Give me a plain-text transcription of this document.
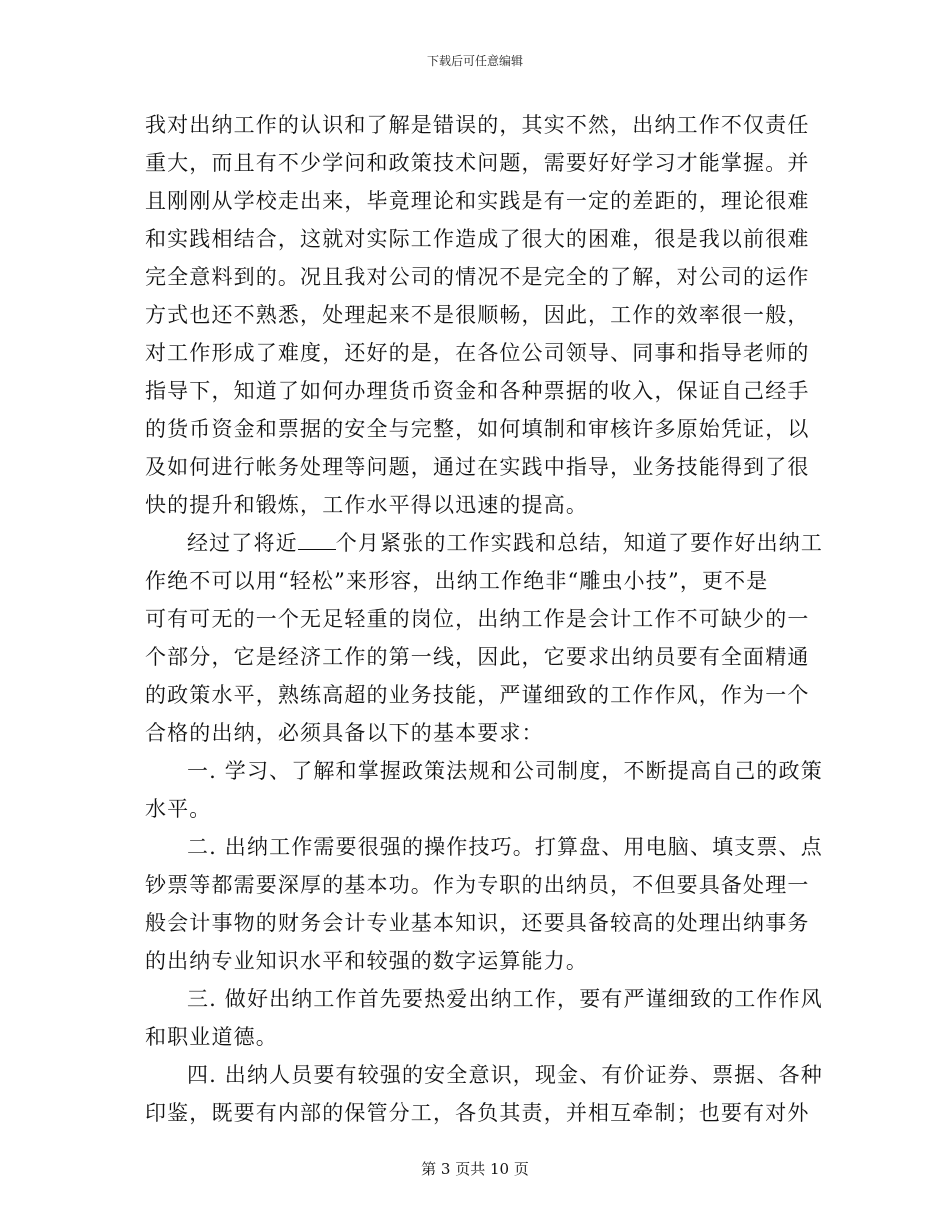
下载后可任意编辑
我对出纳工作的认识和了解是错误的，其实不然，出纳工作不仅责任
重大，而且有不少学问和政策技术问题，需要好好学习才能掌握。并
且刚刚从学校走出来，毕竟理论和实践是有一定的差距的，理论很难
和实践相结合，这就对实际工作造成了很大的困难，很是我以前很难
完全意料到的。况且我对公司的情况不是完全的了解，对公司的运作
方式也还不熟悉，处理起来不是很顺畅，因此，工作的效率很一般，
对工作形成了难度，还好的是，在各位公司领导、同事和指导老师的
指导下，知道了如何办理货币资金和各种票据的收入，保证自己经手
的货币资金和票据的安全与完整，如何填制和审核许多原始凭证，以
及如何进行帐务处理等问题，通过在实践中指导，业务技能得到了很
快的提升和锻炼，工作水平得以迅速的提高。
经过了将近 个月紧张的工作实践和总结，知道了要作好出纳工
作绝不可以用“轻松”来形容，出纳工作绝非“雕虫小技”，更不是
可有可无的一个无足轻重的岗位，出纳工作是会计工作不可缺少的一
个部分，它是经济工作的第一线，因此，它要求出纳员要有全面精通
的政策水平，熟练高超的业务技能，严谨细致的工作作风，作为一个
合格的出纳，必须具备以下的基本要求：
一. 学习、了解和掌握政策法规和公司制度，不断提高自己的政策
水平。
二. 出纳工作需要很强的操作技巧。打算盘、用电脑、填支票、点
钞票等都需要深厚的基本功。作为专职的出纳员，不但要具备处理一
般会计事物的财务会计专业基本知识，还要具备较高的处理出纳事务
的出纳专业知识水平和较强的数字运算能力。
三. 做好出纳工作首先要热爱出纳工作，要有严谨细致的工作作风
和职业道德。
四. 出纳人员要有较强的安全意识，现金、有价证券、票据、各种
印鉴，既要有内部的保管分工，各负其责，并相互牵制；也要有对外
第 3 页共 10 页
